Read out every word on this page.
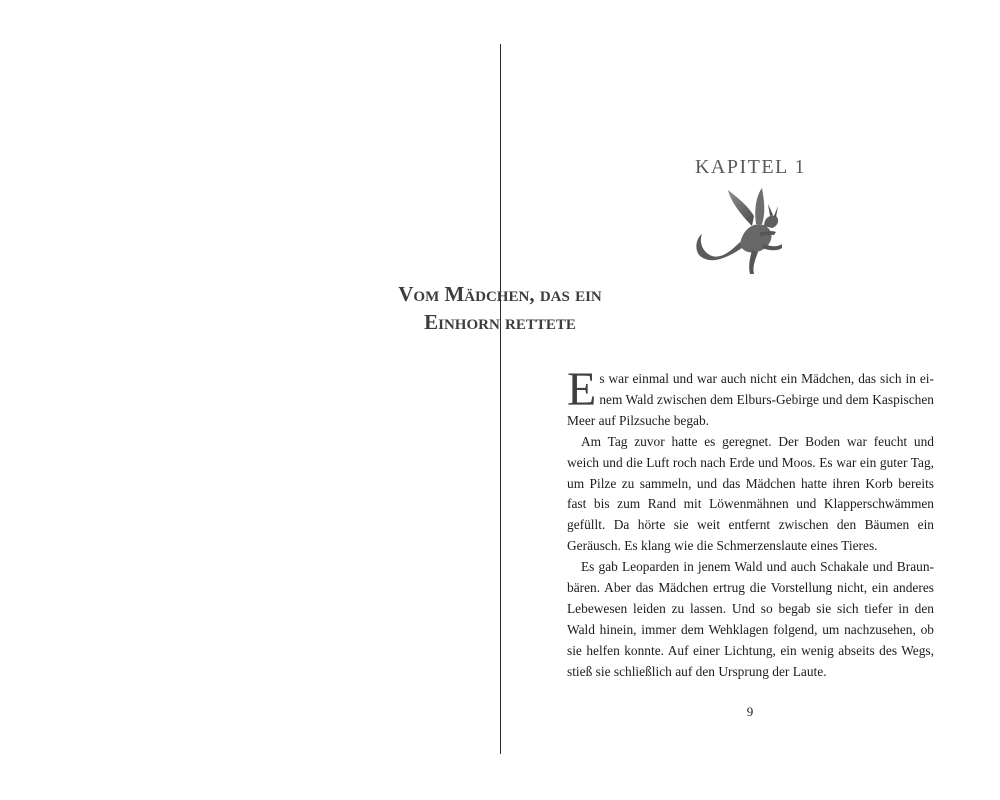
KAPITEL 1
Vom Mädchen, das ein
Einhorn rettete

Es war einmal und war auch nicht ein Mädchen, das sich in einem Wald zwischen dem Elburs-Gebirge und dem Kaspischen Meer auf Pilzsuche begab.

Am Tag zuvor hatte es geregnet. Der Boden war feucht und weich und die Luft roch nach Erde und Moos. Es war ein guter Tag, um Pilze zu sammeln, und das Mädchen hatte ihren Korb bereits fast bis zum Rand mit Löwenmähnen und Klapperschwämmen gefüllt. Da hörte sie weit entfernt zwischen den Bäumen ein Geräusch. Es klang wie die Schmerzenslaute eines Tieres.

Es gab Leoparden in jenem Wald und auch Schakale und Braunbären. Aber das Mädchen ertrug die Vorstellung nicht, ein anderes Lebewesen leiden zu lassen. Und so begab sie sich tiefer in den Wald hinein, immer dem Wehklagen folgend, um nachzusehen, ob sie helfen konnte. Auf einer Lichtung, ein wenig abseits des Wegs, stieß sie schließlich auf den Ursprung der Laute.

9
